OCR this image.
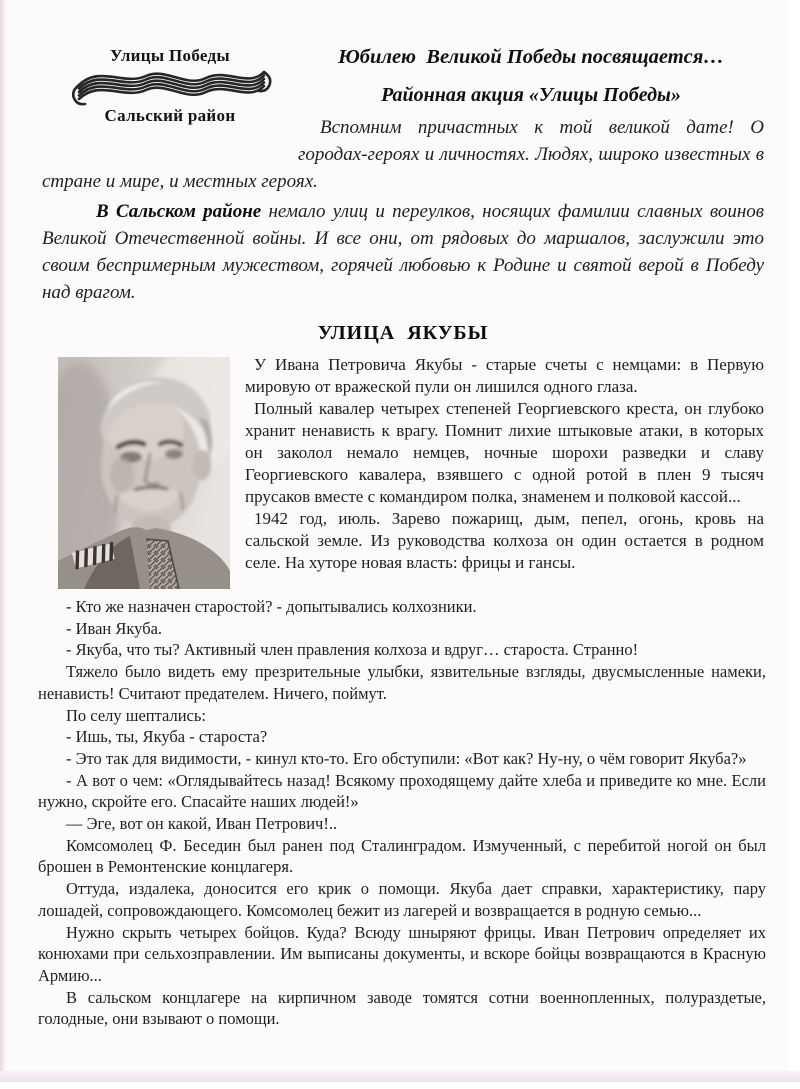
Улицы Победы
Сальский район
Юбилею  Великой Победы посвящается…
Районная акция «Улицы Победы»

Вспомним причастных к той великой дате! О городах-героях и личностях. Людях, широко известных в стране и мире, и местных героях.

В Сальском районе немало улиц и переулков, носящих фамилии славных воинов Великой Отечественной войны. И все они, от рядовых до маршалов, заслужили это своим беспримерным мужеством, горячей любовью к Родине и святой верой в Победу над врагом.

УЛИЦА  ЯКУБЫ

У Ивана Петровича Якубы - старые счеты с немцами: в Первую мировую от вражеской пули он лишился одного глаза.

Полный кавалер четырех степеней Георгиевского креста, он глубоко хранит ненависть к врагу. Помнит лихие штыковые атаки, в которых он заколол немало немцев, ночные шорохи разведки и славу Георгиевского кавалера, взявшего с одной ротой в плен 9 тысяч прусаков вместе с командиром полка, знаменем и полковой кассой...

1942 год, июль. Зарево пожарищ, дым, пепел, огонь, кровь на сальской земле. Из руководства колхоза он один остается в родном селе. На хуторе новая власть: фрицы и гансы.

- Кто же назначен старостой? - допытывались колхозники.

- Иван Якуба.

- Якуба, что ты? Активный член правления колхоза и вдруг… староста. Странно!

Тяжело было видеть ему презрительные улыбки, язвительные взгляды, двусмысленные намеки, ненависть! Считают предателем. Ничего, поймут.

По селу шептались:

- Ишь, ты, Якуба - староста?

- Это так для видимости, - кинул кто-то. Его обступили: «Вот как? Ну-ну, о чём говорит Якуба?»

- А вот о чем: «Оглядывайтесь назад! Всякому проходящему дайте хлеба и приведите ко мне. Если нужно, скройте его. Спасайте наших людей!»

— Эге, вот он какой, Иван Петрович!..

Комсомолец Ф. Беседин был ранен под Сталинградом. Измученный, с перебитой ногой он был брошен в Ремонтенские концлагеря.

Оттуда, издалека, доносится его крик о помощи. Якуба дает справки, характеристику, пару лошадей, сопровождающего. Комсомолец бежит из лагерей и возвращается в родную семью...

Нужно скрыть четырех бойцов. Куда? Всюду шныряют фрицы. Иван Петрович определяет их конюхами при сельхозправлении. Им выписаны документы, и вскоре бойцы возвращаются в Красную Армию...

В сальском концлагере на кирпичном заводе томятся сотни военнопленных, полураздетые, голодные, они взывают о помощи.
